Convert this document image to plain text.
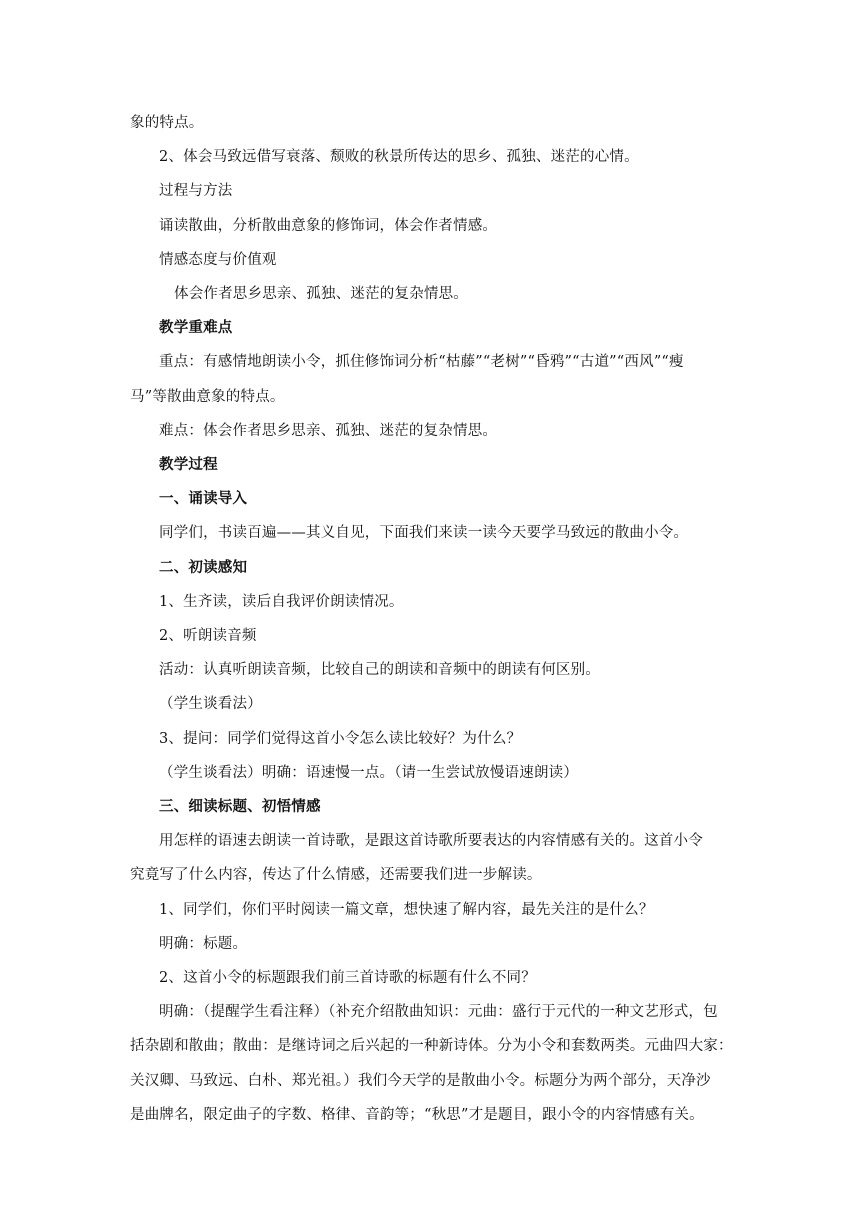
象的特点。

2、体会马致远借写衰落、颓败的秋景所传达的思乡、孤独、迷茫的心情。

过程与方法

诵读散曲，分析散曲意象的修饰词，体会作者情感。

情感态度与价值观

体会作者思乡思亲、孤独、迷茫的复杂情思。

教学重难点

重点：有感情地朗读小令，抓住修饰词分析“枯藤”“老树”“昏鸦”“古道”“西风”“瘦

马”等散曲意象的特点。

难点：体会作者思乡思亲、孤独、迷茫的复杂情思。

教学过程

一、诵读导入

同学们，书读百遍——其义自见，下面我们来读一读今天要学马致远的散曲小令。

二、初读感知

1、生齐读，读后自我评价朗读情况。

2、听朗读音频

活动：认真听朗读音频，比较自己的朗读和音频中的朗读有何区别。

（学生谈看法）

3、提问：同学们觉得这首小令怎么读比较好？为什么？

（学生谈看法）明确：语速慢一点。（请一生尝试放慢语速朗读）

三、细读标题、初悟情感

用怎样的语速去朗读一首诗歌，是跟这首诗歌所要表达的内容情感有关的。这首小令

究竟写了什么内容，传达了什么情感，还需要我们进一步解读。

1、同学们，你们平时阅读一篇文章，想快速了解内容，最先关注的是什么？

明确：标题。

2、这首小令的标题跟我们前三首诗歌的标题有什么不同？

明确：（提醒学生看注释）（补充介绍散曲知识：元曲：盛行于元代的一种文艺形式，包

括杂剧和散曲；散曲：是继诗词之后兴起的一种新诗体。分为小令和套数两类。元曲四大家：

关汉卿、马致远、白朴、郑光祖。）我们今天学的是散曲小令。标题分为两个部分，天净沙

是曲牌名，限定曲子的字数、格律、音韵等；“秋思”才是题目，跟小令的内容情感有关。
